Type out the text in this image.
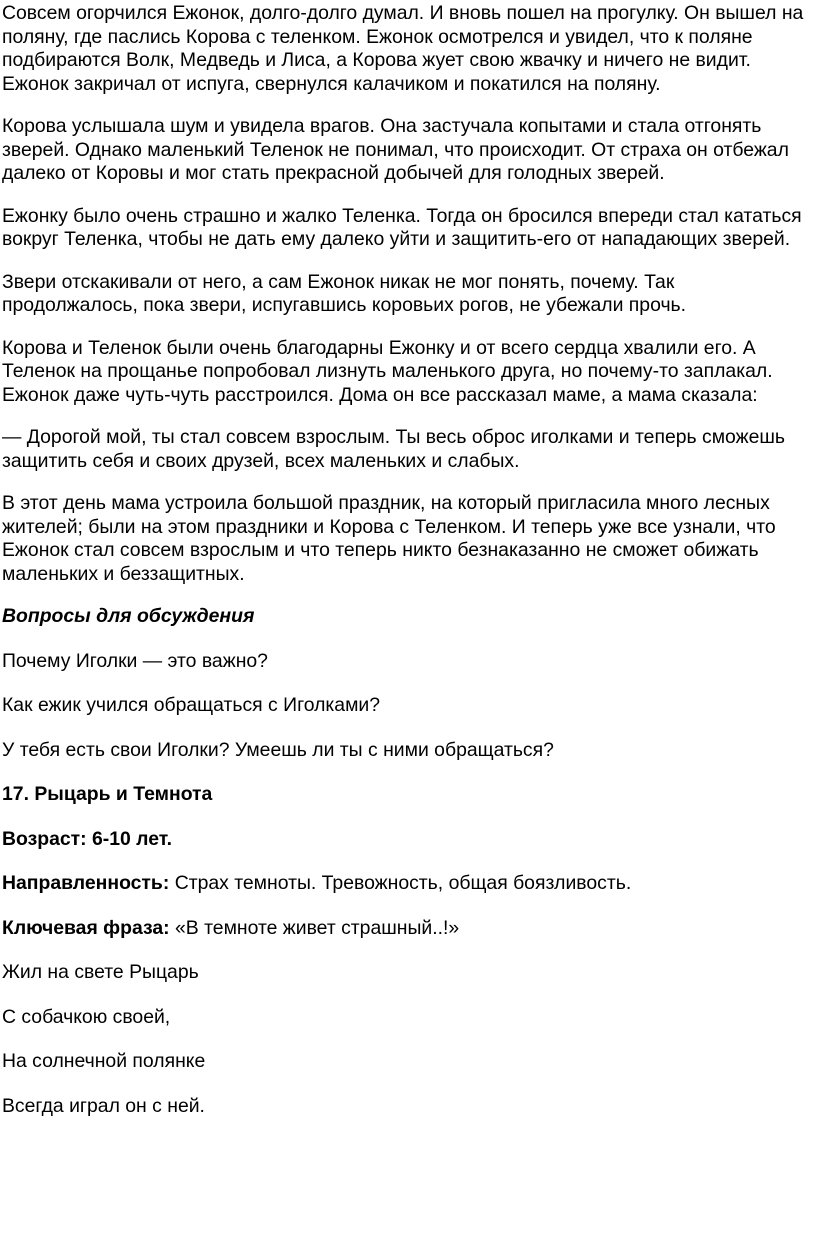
Совсем огорчился Ежонок, долго-долго думал. И вновь пошел на прогулку. Он вышел на поляну, где паслись Корова с теленком. Ежонок осмотрелся и увидел, что к поляне подбираются Волк, Медведь и Лиса, а Корова жует свою жвачку и ничего не видит. Ежонок закричал от испуга, свернулся калачиком и покатился на поляну.

Корова услышала шум и увидела врагов. Она застучала копытами и стала отгонять зверей. Однако маленький Теленок не понимал, что происходит. От страха он отбежал далеко от Коровы и мог стать прекрасной добычей для голодных зверей.

Ежонку было очень страшно и жалко Теленка. Тогда он бросился впереди стал кататься вокруг Теленка, чтобы не дать ему далеко уйти и защитить-его от нападающих зверей.

Звери отскакивали от него, а сам Ежонок никак не мог понять, почему. Так продолжалось, пока звери, испугавшись коровьих рогов, не убежали прочь.

Корова и Теленок были очень благодарны Ежонку и от всего сердца хвалили его. А Теленок на прощанье попробовал лизнуть маленького друга, но почему-то заплакал. Ежонок даже чуть-чуть расстроился. Дома он все рассказал маме, а мама сказала:

— Дорогой мой, ты стал совсем взрослым. Ты весь оброс иголками и теперь сможешь защитить себя и своих друзей, всех маленьких и слабых.

В этот день мама устроила большой праздник, на который пригласила много лесных жителей; были на этом праздники и Корова с Теленком. И теперь уже все узнали, что Ежонок стал совсем взрослым и что теперь никто безнаказанно не сможет обижать маленьких и беззащитных.

Вопросы для обсуждения

Почему Иголки — это важно?

Как ежик учился обращаться с Иголками?

У тебя есть свои Иголки? Умеешь ли ты с ними обращаться?

17. Рыцарь и Темнота

Возраст: 6-10 лет.

Направленность: Страх темноты. Тревожность, общая боязливость.

Ключевая фраза: «В темноте живет страшный..!»

Жил на свете Рыцарь

С собачкою своей,

На солнечной полянке

Всегда играл он с ней.
